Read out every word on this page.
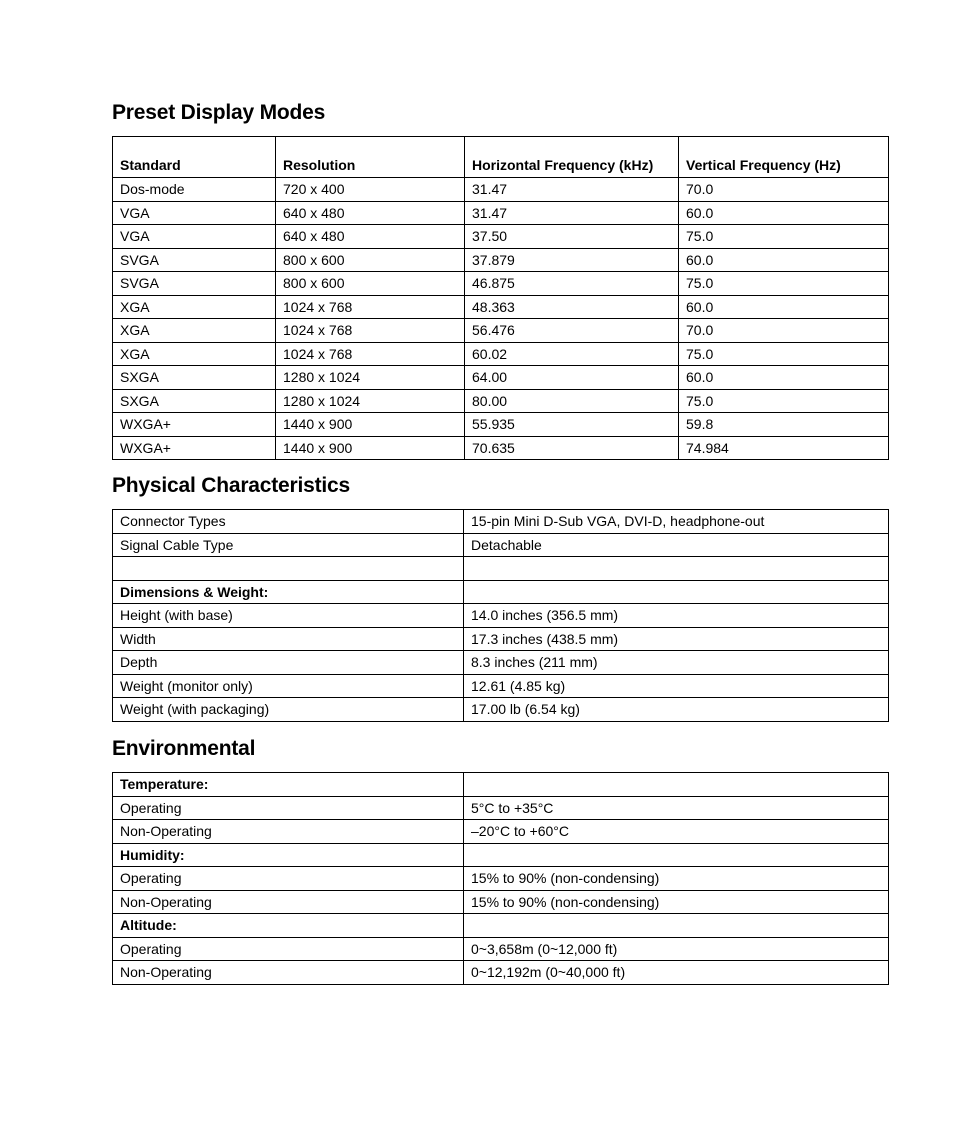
Preset Display Modes
Standard	Resolution	Horizontal Frequency (kHz)	Vertical Frequency (Hz)
Dos-mode	720 x 400	31.47	70.0
VGA	640 x 480	31.47	60.0
VGA	640 x 480	37.50	75.0
SVGA	800 x 600	37.879	60.0
SVGA	800 x 600	46.875	75.0
XGA	1024 x 768	48.363	60.0
XGA	1024 x 768	56.476	70.0
XGA	1024 x 768	60.02	75.0
SXGA	1280 x 1024	64.00	60.0
SXGA	1280 x 1024	80.00	75.0
WXGA+	1440 x 900	55.935	59.8
WXGA+	1440 x 900	70.635	74.984
Physical Characteristics
Connector Types	15-pin Mini D-Sub VGA, DVI-D, headphone-out
Signal Cable Type	Detachable

Dimensions & Weight:	
Height (with base)	14.0 inches (356.5 mm)
Width	17.3 inches (438.5 mm)
Depth	8.3 inches (211 mm)
Weight (monitor only)	12.61 (4.85 kg)
Weight (with packaging)	17.00 lb (6.54 kg)
Environmental
Temperature:	
Operating	5°C to +35°C
Non-Operating	–20°C to +60°C
Humidity:	
Operating	15% to 90% (non-condensing)
Non-Operating	15% to 90% (non-condensing)
Altitude:	
Operating	0~3,658m (0~12,000 ft)
Non-Operating	0~12,192m (0~40,000 ft)
